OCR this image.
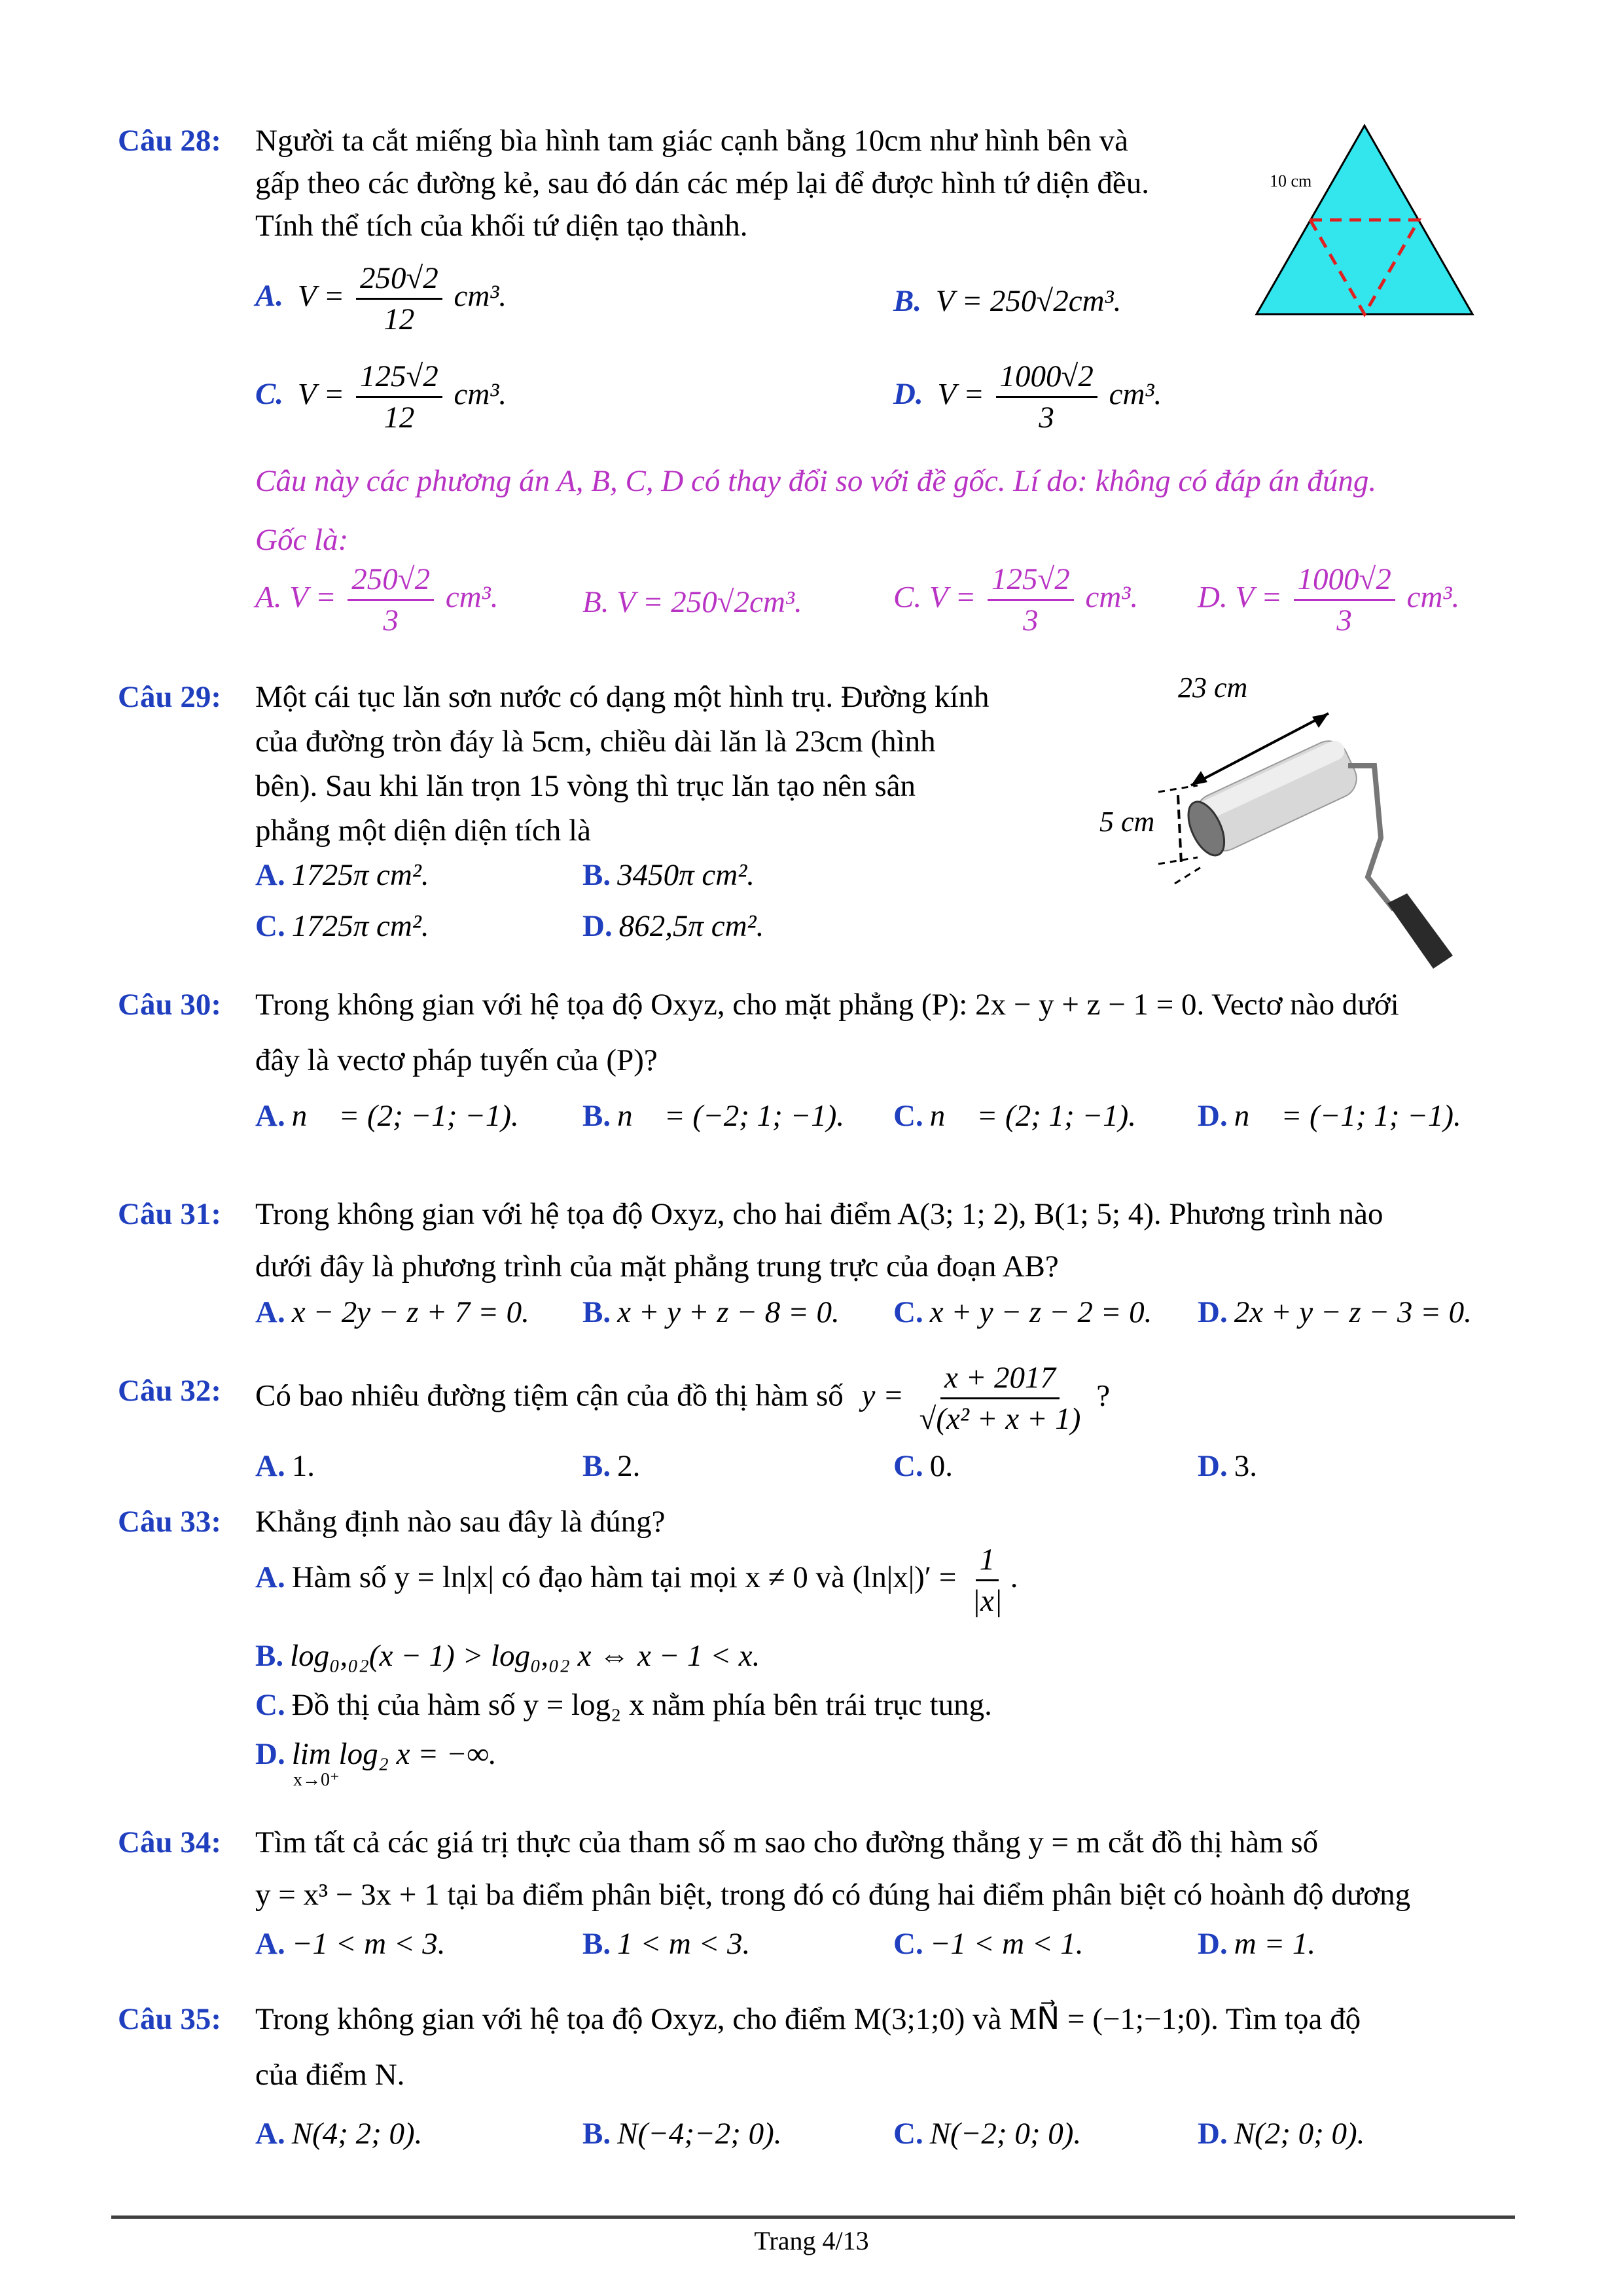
Câu 28: Người ta cắt miếng bìa hình tam giác cạnh bằng 10cm như hình bên và
gấp theo các đường kẻ, sau đó dán các mép lại để được hình tứ diện đều.
Tính thể tích của khối tứ diện tạo thành.
A. $V = \frac{250√2}{12} cm^3$.	B. V = 250√2cm³.
C. $V = \frac{125√2}{12} cm^3$.	D. $V = \frac{1000√2}{3} cm^3$.
Câu này các phương án A, B, C, D có thay đổi so với đề gốc. Lí do: không có đáp án đúng.
Gốc là:
A. $V = \frac{250√2}{3} cm^3$.	B. V = 250√2cm³.	C. $V = \frac{125√2}{3} cm^3$. D. $V = \frac{1000√2}{3} cm^3$.
10 cm
Câu 29: Một cái tục lăn sơn nước có dạng một hình trụ. Đường kính
của đường tròn đáy là 5cm, chiều dài lăn là 23cm (hình
bên). Sau khi lăn trọn 15 vòng thì trục lăn tạo nên sân
phẳng một diện diện tích là
A. 1725π cm².	B. 3450π cm².
C. 1725π cm².	D. 862,5π cm².
23 cm
5 cm
Câu 30: Trong không gian với hệ tọa độ Oxyz, cho mặt phẳng (P): 2x − y + z − 1 = 0. Vectơ nào dưới
đây là vectơ pháp tuyến của (P)?
A. n⃗ = (2; −1; −1). B. n⃗ = (−2; 1; −1). C. n⃗ = (2; 1; −1). D. n⃗ = (−1; 1; −1).
Câu 31: Trong không gian với hệ tọa độ Oxyz, cho hai điểm A(3; 1; 2), B(1; 5; 4). Phương trình nào
dưới đây là phương trình của mặt phẳng trung trực của đoạn AB?
A. x − 2y − z + 7 = 0. B. x + y + z − 8 = 0. C. x + y − z − 2 = 0. D. 2x + y − z − 3 = 0.
Câu 32: Có bao nhiêu đường tiệm cận của đồ thị hàm số $y = \frac{x + 2017}{\text{√(x² + x + 1)}}$ ?
A. 1.	B. 2.	C. 0.	D. 3.
Câu 33: Khẳng định nào sau đây là đúng?
A. Hàm số y = ln|x| có đạo hàm tại mọi x ≠ 0 và $(\ln|x|)' = \frac{1}{|x|}$ .
B. log₀,₀₂(x − 1) > log₀,₀₂ x ⇔ x − 1 < x.
C. Đồ thị của hàm số y = log₂ x nằm phía bên trái trục tung.
D. lim log₂ x = −∞.
x→0⁺
Câu 34: Tìm tất cả các giá trị thực của tham số m sao cho đường thẳng y = m cắt đồ thị hàm số
y = x³ − 3x + 1 tại ba điểm phân biệt, trong đó có đúng hai điểm phân biệt có hoành độ dương
A. −1 < m < 3.	B. 1 < m < 3.	C. −1 < m < 1.	D. m = 1.
Câu 35: Trong không gian với hệ tọa độ Oxyz, cho điểm M(3;1;0) và MN⃗ = (−1;−1;0). Tìm tọa độ
của điểm N.
A. N(4; 2; 0).	B. N(−4;−2; 0).	C. N(−2; 0; 0).	D. N(2; 0; 0).
Trang 4/13
